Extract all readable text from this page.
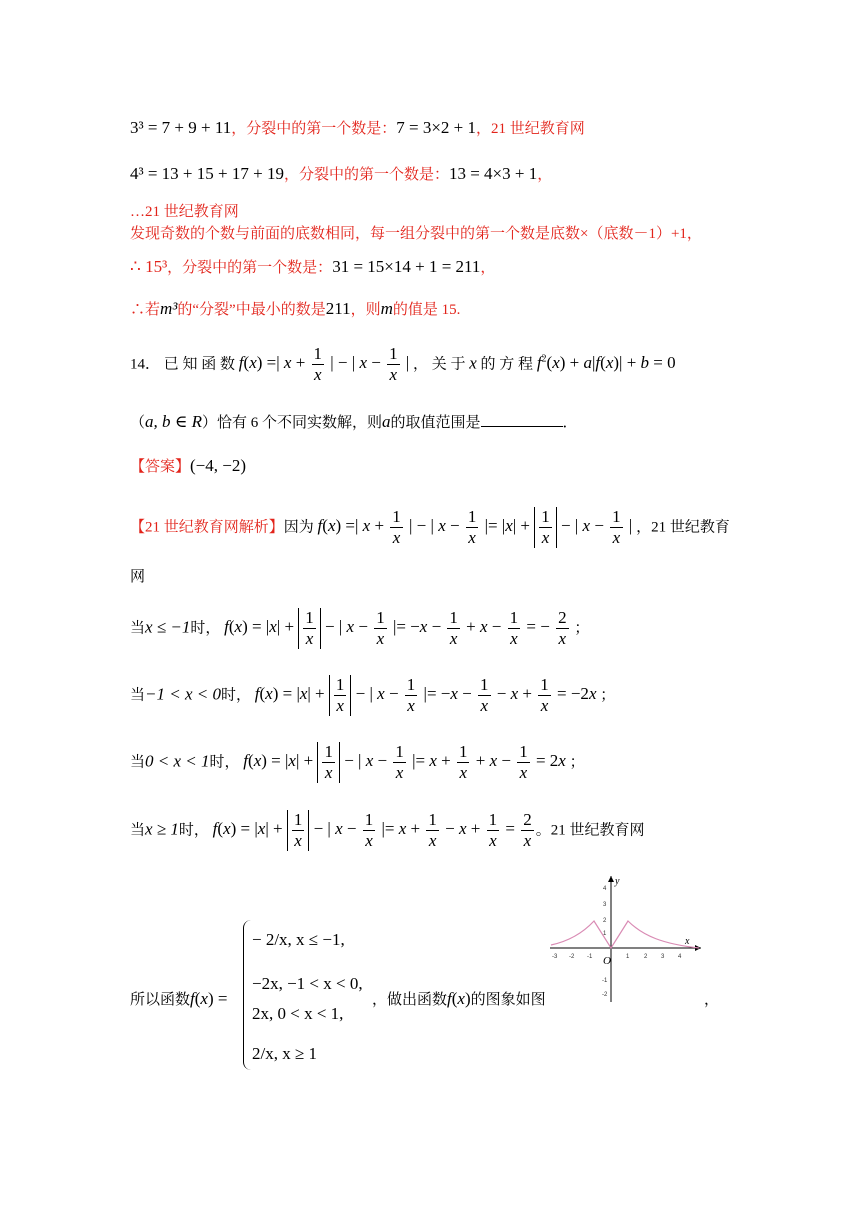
3³ = 7 + 9 + 11，分裂中的第一个数是：7 = 3×2 + 1，21 世纪教育网
4³ = 13 + 15 + 17 + 19，分裂中的第一个数是：13 = 4×3 + 1，
…21 世纪教育网
发现奇数的个数与前面的底数相同，每一组分裂中的第一个数是底数×（底数－1）+1，
∴ 15³，分裂中的第一个数是：31 = 15×14 + 1 = 211，
∴若m³的“分裂”中最小的数是211，则m的值是 15.
14． 已 知 函 数 f(x) =| $x + \frac{1}{x}$ | − | $x - \frac{1}{x}$ | ， 关 于 x 的 方 程 $f^2(x) + a|f(x)| + b = 0$
（a, b ∈ R）恰有 6 个不同实数解，则a的取值范围是	．
【答案】(−4, −2)
【21 世纪教育网解析】因为 f(x) =| $x + \frac{1}{x}$ | − | $x - \frac{1}{x}$ |= $|x| + \frac{1}{x}$ − | $x - \frac{1}{x}$ | ，21 世纪教育
网
当x ≤ −1时， $f(x) = |x| + \frac{1}{x}$ − | $x - \frac{1}{x}$ |= $-x - \frac{1}{x} + x - \frac{1}{x}$ = − $\frac{2}{x}$ ；
当−1 < x < 0时， $f(x) = |x| + \frac{1}{x}$ − | $x - \frac{1}{x}$ |= $-x - \frac{1}{x} - x + \frac{1}{x} = -2x$ ；
当0 < x < 1时， $f(x) = |x| + \frac{1}{x}$ − | $x - \frac{1}{x}$ |= $x + \frac{1}{x} + x - \frac{1}{x} = 2x$ ；
当x ≥ 1时， $f(x) = |x| + \frac{1}{x}$ − | $x - \frac{1}{x}$ |= $x + \frac{1}{x} - x + \frac{1}{x} = \frac{2}{x}$ 。21 世纪教育网
所以函数f(x) =
− 2/x, x ≤ −1,
−2x, −1 < x < 0,
2x, 0 < x < 1,
2/x, x ≥ 1
，做出函数f(x)的图象如图	，
y
x
O
-3 -2 -1	1 2 3 4
4
3
2
1
-1
-2
